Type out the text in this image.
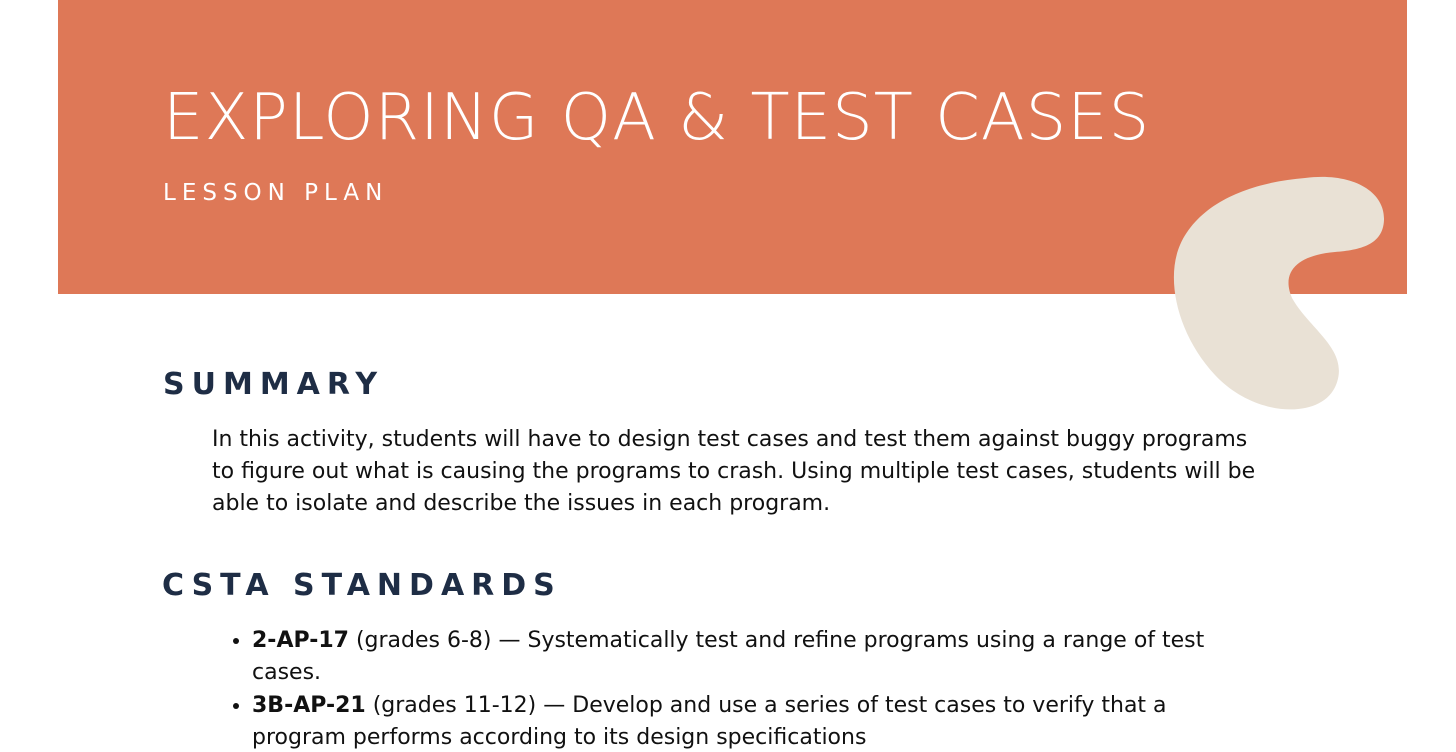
EXPLORING QA & TEST CASES
LESSON PLAN
SUMMARY

In this activity, students will have to design test cases and test them against buggy programs to figure out what is causing the programs to crash. Using multiple test cases, students will be able to isolate and describe the issues in each program.

CSTA STANDARDS
• 2-AP-17 (grades 6-8) — Systematically test and refine programs using a range of test cases.
• 3B-AP-21 (grades 11-12) — Develop and use a series of test cases to verify that a program performs according to its design specifications
